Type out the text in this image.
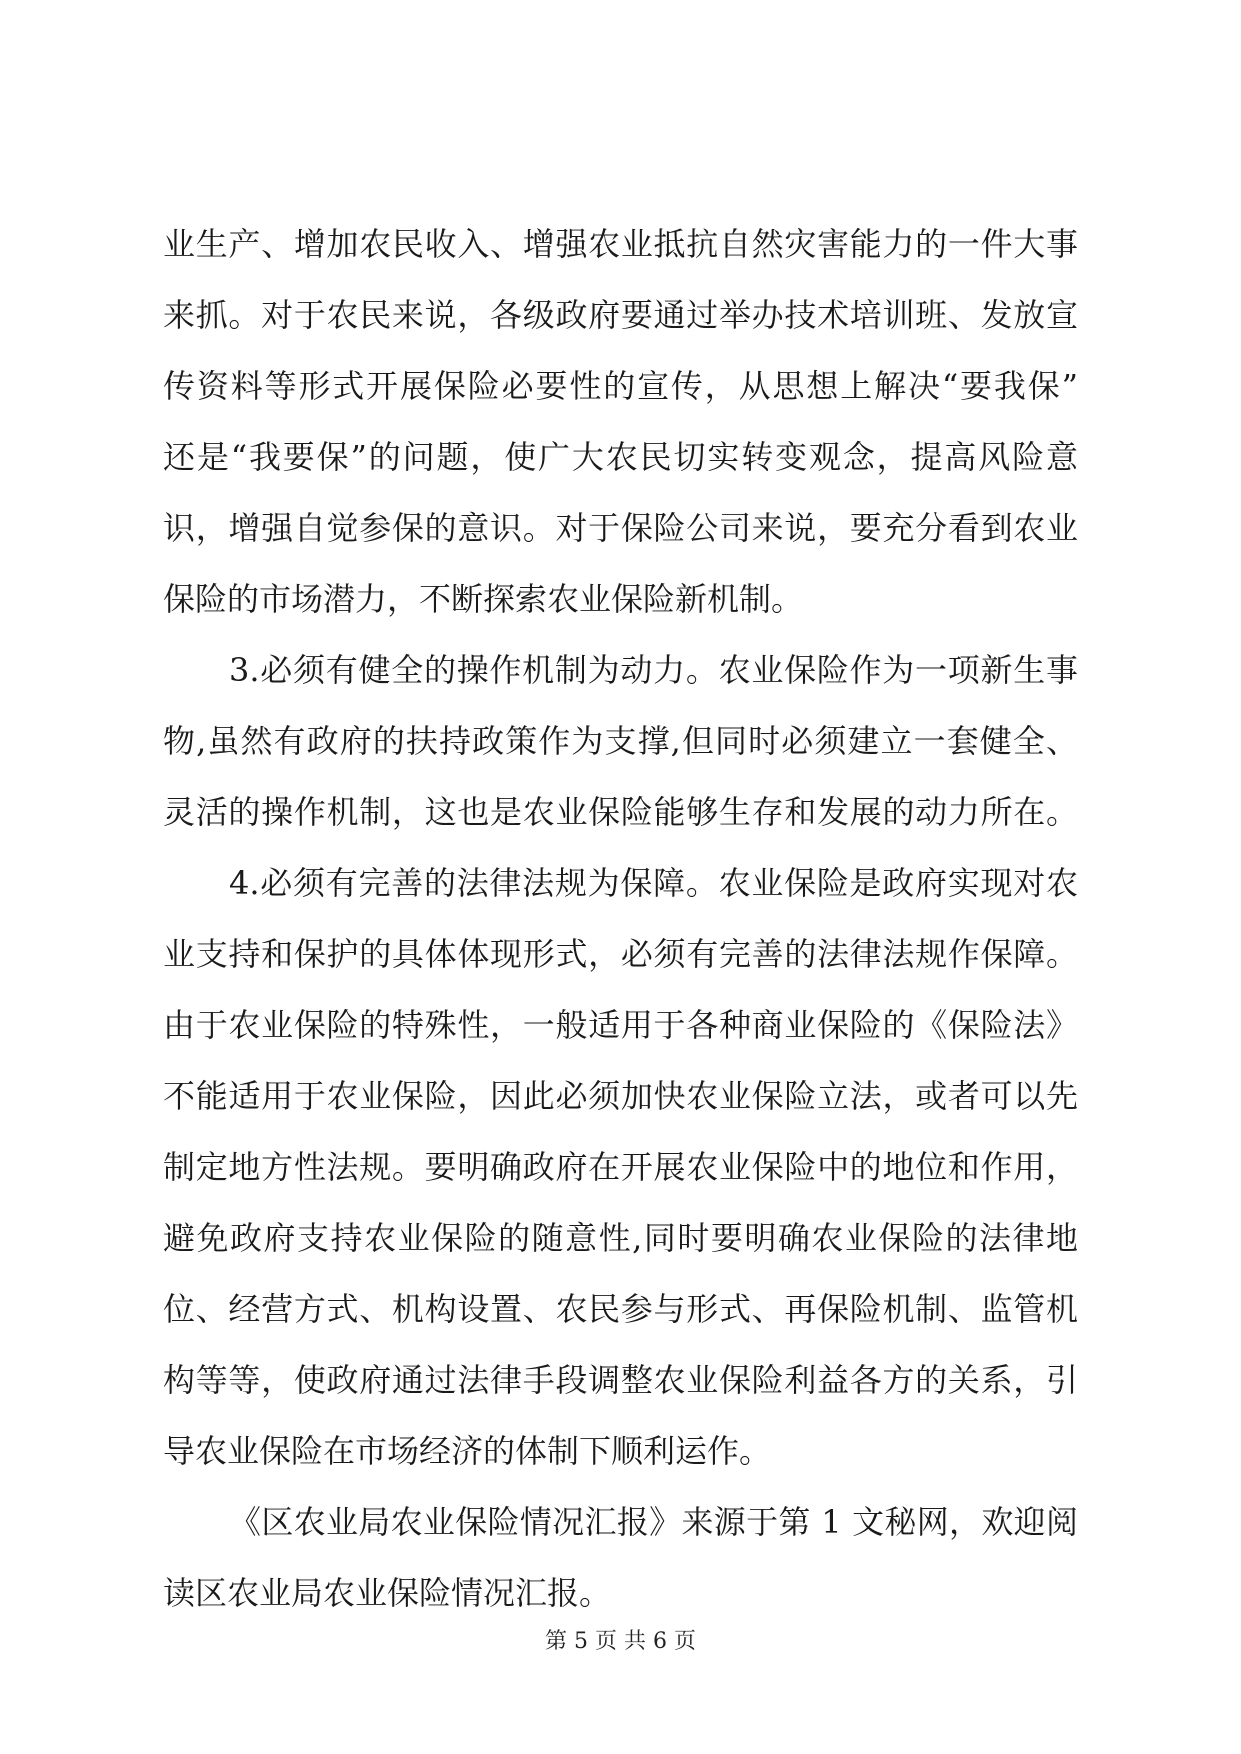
业生产、增加农民收入、增强农业抵抗自然灾害能力的一件大事
来抓。对于农民来说，各级政府要通过举办技术培训班、发放宣
传资料等形式开展保险必要性的宣传，从思想上解决“要我保”
还是“我要保”的问题，使广大农民切实转变观念，提高风险意
识，增强自觉参保的意识。对于保险公司来说，要充分看到农业
保险的市场潜力，不断探索农业保险新机制。
3.必须有健全的操作机制为动力。农业保险作为一项新生事
物,虽然有政府的扶持政策作为支撑,但同时必须建立一套健全、
灵活的操作机制，这也是农业保险能够生存和发展的动力所在。
4.必须有完善的法律法规为保障。农业保险是政府实现对农
业支持和保护的具体体现形式，必须有完善的法律法规作保障。
由于农业保险的特殊性，一般适用于各种商业保险的《保险法》
不能适用于农业保险，因此必须加快农业保险立法，或者可以先
制定地方性法规。要明确政府在开展农业保险中的地位和作用，
避免政府支持农业保险的随意性,同时要明确农业保险的法律地
位、经营方式、机构设置、农民参与形式、再保险机制、监管机
构等等，使政府通过法律手段调整农业保险利益各方的关系，引
导农业保险在市场经济的体制下顺利运作。
《区农业局农业保险情况汇报》来源于第 1 文秘网，欢迎阅
读区农业局农业保险情况汇报。
第 5 页 共 6 页
